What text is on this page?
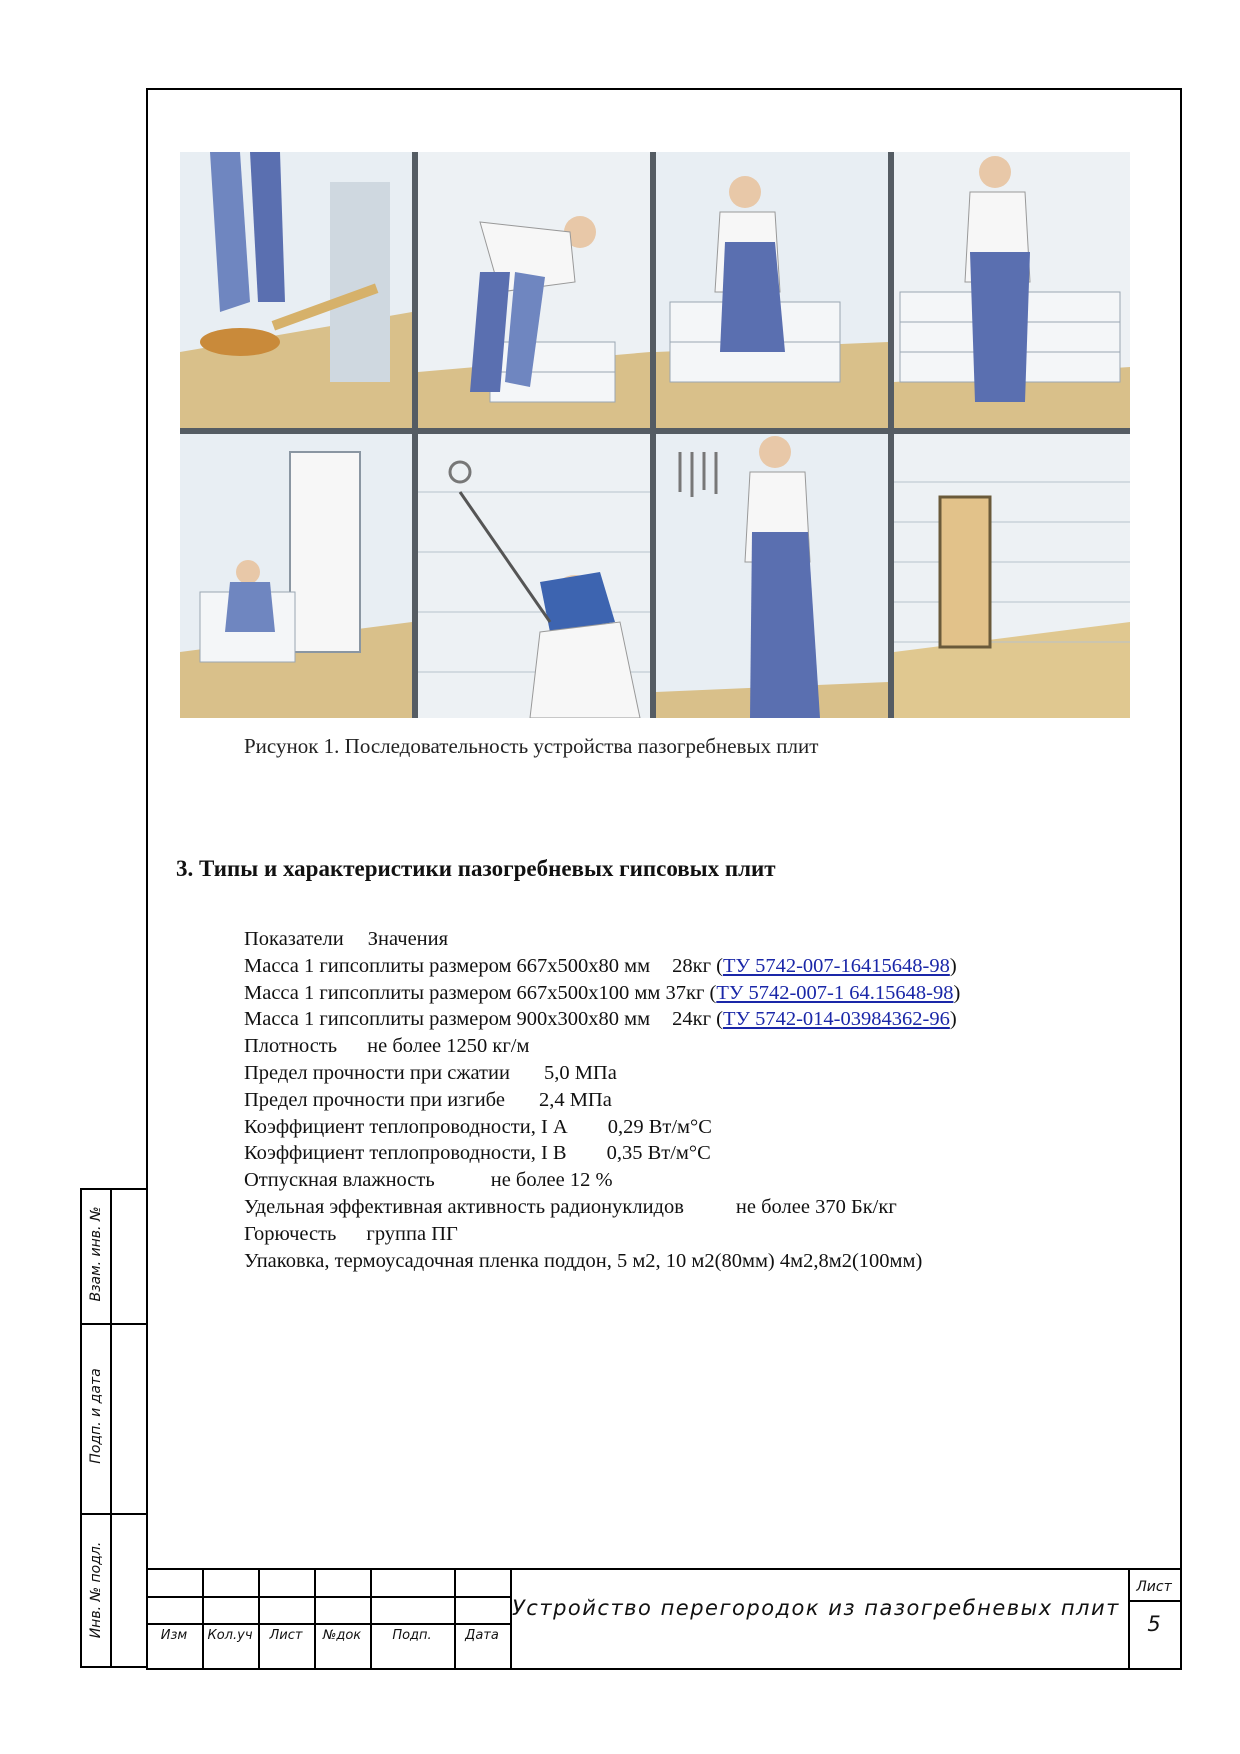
Рисунок 1. Последовательность устройства пазогребневых плит
3. Типы и характеристики пазогребневых гипсовых плит
Показатели Значения
Масса 1 гипсоплиты размером 667x500x80 мм 28кг (ТУ 5742-007-16415648-98)
Масса 1 гипсоплиты размером 667x500x100 мм 37кг (ТУ 5742-007-1 64.15648-98)
Масса 1 гипсоплиты размером 900x300x80 мм 24кг (ТУ 5742-014-03984362-96)
Плотность не более 1250 кг/м
Предел прочности при сжатии 5,0 МПа
Предел прочности при изгибе 2,4 МПа
Коэффициент теплопроводности, I А 0,29 Вт/м°С
Коэффициент теплопроводности, I В 0,35 Вт/м°С
Отпускная влажность	не более 12 %
Удельная эффективная активность радионуклидов	не более 370 Бк/кг
Горючесть группа ПГ
Упаковка, термоусадочная пленка поддон, 5 м2, 10 м2(80мм) 4м2,8м2(100мм)
Взам. инв. №
Подп. и дата
Инв. № подл.	Изм	Кол.уч	Лист	№док	Подп.	Дата
Устройство перегородок из пазогребневых плит
Лист
5
